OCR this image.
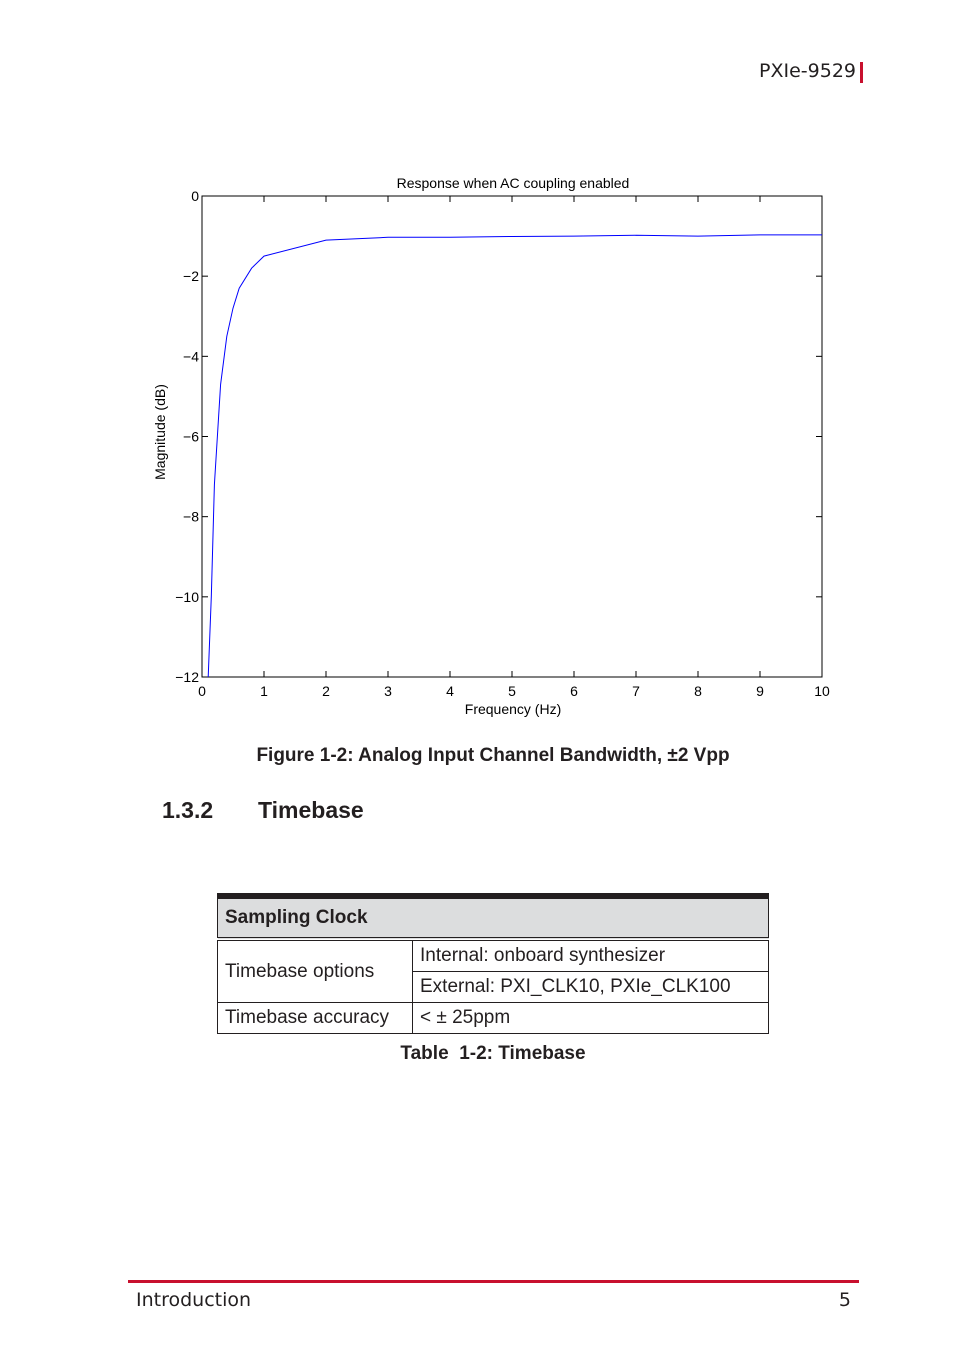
PXIe-9529
Response when AC coupling enabled
0	1	2	3	4	5	6	7	8	9	10
0
−2
−4
−6
−8
−10
−12
Frequency (Hz)
Magnitude (dB)
Figure 1-2: Analog Input Channel Bandwidth, ±2 Vpp
1.3.2 Timebase
Sampling Clock	
Timebase options	Internal: onboard synthesizer
	External: PXI_CLK10, PXIe_CLK100
Timebase accuracy	< ± 25ppm
Table  1-2: Timebase
Introduction	5
